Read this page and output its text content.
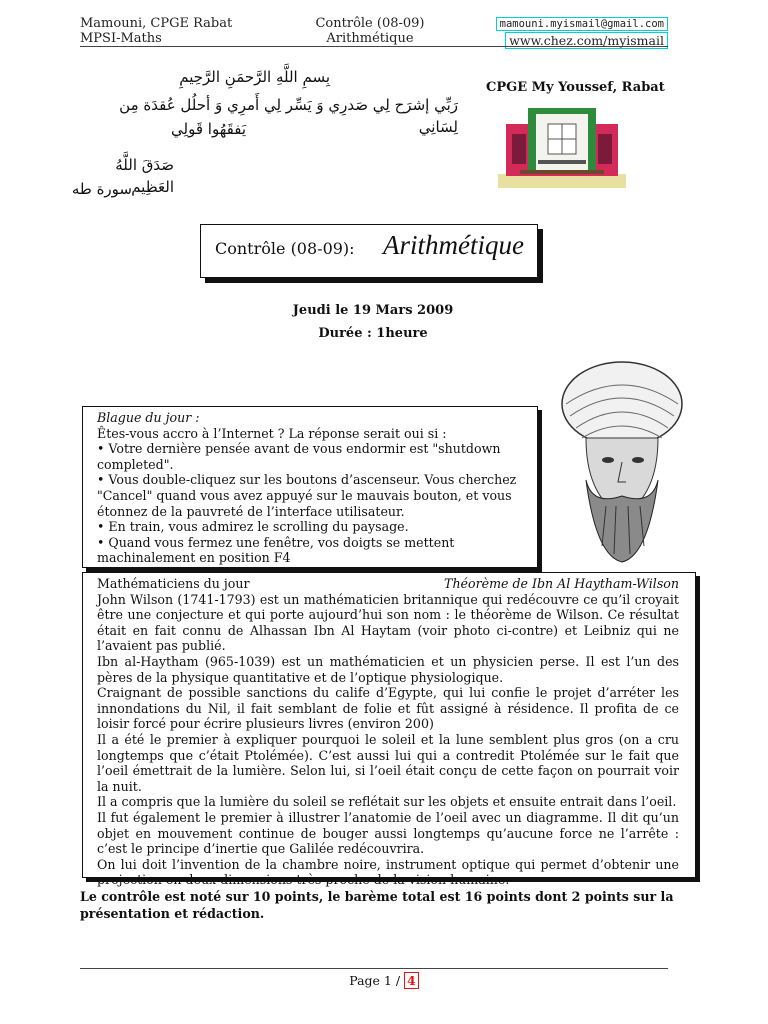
Mamouni, CPGE Rabat
MPSI-Maths
Contrôle (08-09)
Arithmétique
mamouni.myismail@gmail.com
www.chez.com/myismail
بِسمِ اللَّهِ الرَّحمَنِ الرَّحِيمِ
رَبِّي إشرَح لِي صَدرِي وَ يَسِّر لِي أَمرِي وَ أحلُل عُقدَة مِن لِسَانِي
يَفقَهُوا قَولِي
صَدَقَ اللَّهُ العَظِيم
سورة طه
CPGE My Youssef, Rabat
Contrôle (08-09): Arithmétique
Jeudi le 19 Mars 2009
Durée : 1heure
Blague du jour :
Êtes-vous accro à l’Internet ? La réponse serait oui si :
• Votre dernière pensée avant de vous endormir est "shutdown completed".
• Vous double-cliquez sur les boutons d’ascenseur. Vous cherchez "Cancel" quand vous avez appuyé sur le mauvais bouton, et vous étonnez de la pauvreté de l’interface utilisateur.
• En train, vous admirez le scrolling du paysage.
• Quand vous fermez une fenêtre, vos doigts se mettent machinalement en position F4
Mathématiciens du jour	Théorème de Ibn Al Haytham-Wilson
John Wilson (1741-1793) est un mathématicien britannique qui redécouvre ce qu’il croyait être une conjecture et qui porte aujourd’hui son nom : le théorème de Wilson. Ce résultat était en fait connu de Alhassan Ibn Al Haytam (voir photo ci-contre) et Leibniz qui ne l’avaient pas publié.
Ibn al-Haytham (965-1039) est un mathématicien et un physicien perse. Il est l’un des pères de la physique quantitative et de l’optique physiologique.
Craignant de possible sanctions du calife d’Egypte, qui lui confie le projet d’arréter les innondations du Nil, il fait semblant de folie et fût assigné à résidence. Il profita de ce loisir forcé pour écrire plusieurs livres (environ 200)
Il a été le premier à expliquer pourquoi le soleil et la lune semblent plus gros (on a cru longtemps que c’était Ptolémée). C’est aussi lui qui a contredit Ptolémée sur le fait que l’oeil émettrait de la lumière. Selon lui, si l’oeil était conçu de cette façon on pourrait voir la nuit.
Il a compris que la lumière du soleil se reflétait sur les objets et ensuite entrait dans l’oeil.
Il fut également le premier à illustrer l’anatomie de l’oeil avec un diagramme. Il dit qu’un objet en mouvement continue de bouger aussi longtemps qu’aucune force ne l’arrête : c’est le principe d’inertie que Galilée redécouvrira.
On lui doit l’invention de la chambre noire, instrument optique qui permet d’obtenir une projection en deux dimensions très proche de la vision humaine.
Le contrôle est noté sur 10 points, le barème total est 16 points dont 2 points sur la présentation et rédaction.
Page 1 / 4
